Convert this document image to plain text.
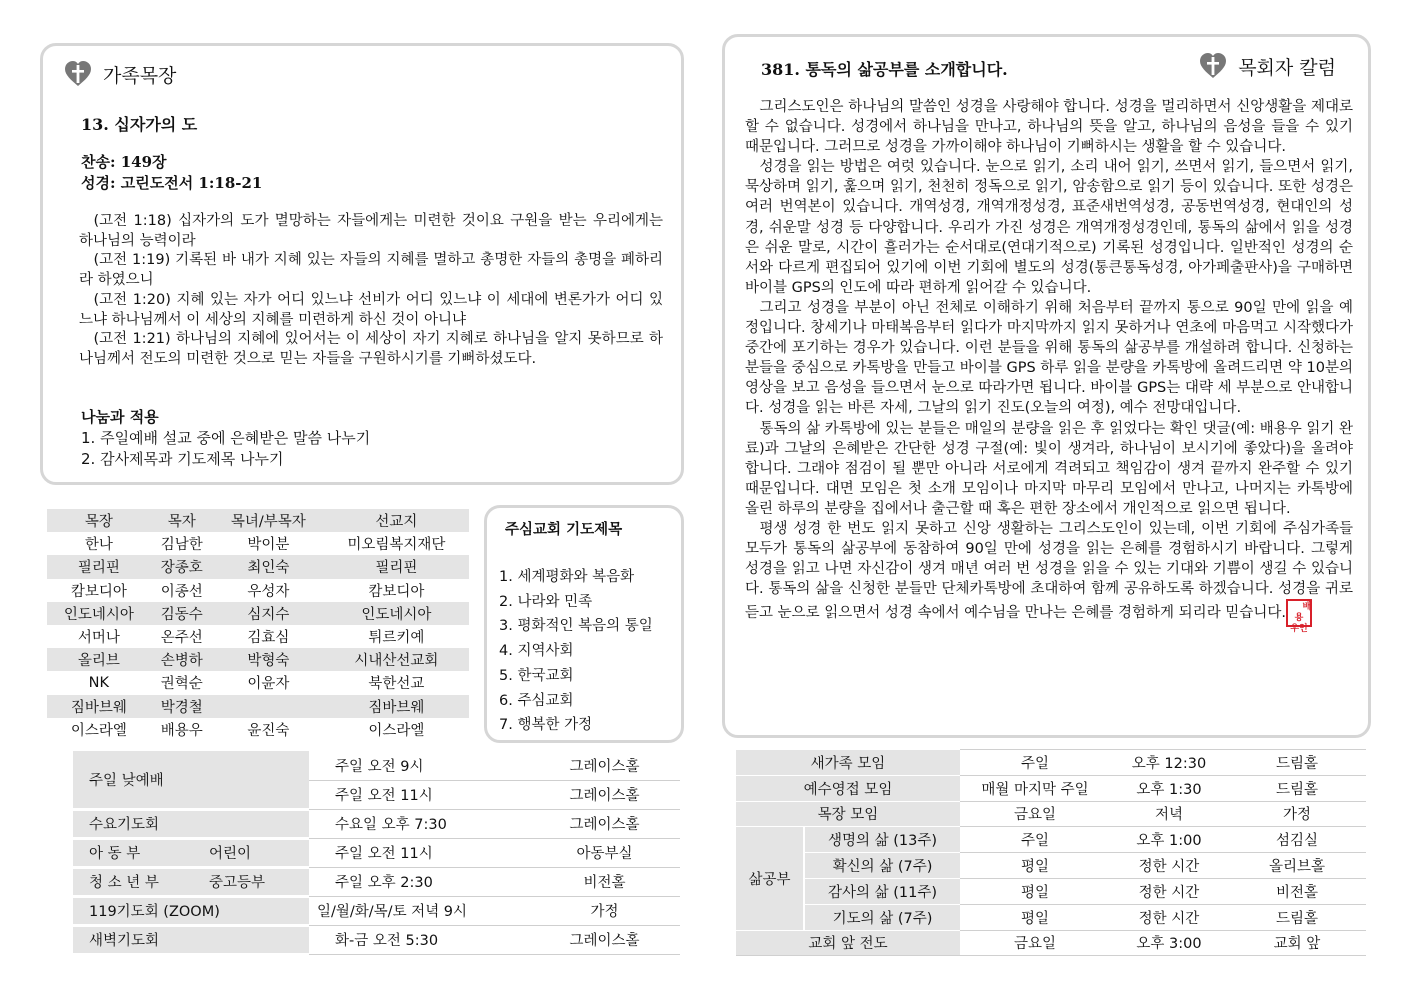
가족목장
13. 십자가의 도
찬송: 149장
성경: 고린도전서 1:18-21

(고전 1:18) 십자가의 도가 멸망하는 자들에게는 미련한 것이요 구원을 받는 우리에게는 하나님의 능력이라

(고전 1:19) 기록된 바 내가 지혜 있는 자들의 지혜를 멸하고 총명한 자들의 총명을 폐하리라 하였으니

(고전 1:20) 지혜 있는 자가 어디 있느냐 선비가 어디 있느냐 이 세대에 변론가가 어디 있느냐 하나님께서 이 세상의 지혜를 미련하게 하신 것이 아니냐

(고전 1:21) 하나님의 지혜에 있어서는 이 세상이 자기 지혜로 하나님을 알지 못하므로 하나님께서 전도의 미련한 것으로 믿는 자들을 구원하시기를 기뻐하셨도다.

나눔과 적용
1. 주일예배 설교 중에 은혜받은 말씀 나누기
2. 감사제목과 기도제목 나누기
목장	목자	목녀/부목자	선교지
한나	김남한	박이분	미오림복지재단
필리핀	장종호	최인숙	필리핀
캄보디아	이종선	우성자	캄보디아
인도네시아	김동수	심지수	인도네시아
서머나	온주선	김효심	튀르키예
올리브	손병하	박형숙	시내산선교회
NK	권혁순	이윤자	북한선교
짐바브웨	박경철		짐바브웨
이스라엘	배용우	윤진숙	이스라엘
주심교회 기도제목
1. 세계평화와 복음화
2. 나라와 민족
3. 평화적인 복음의 통일
4. 지역사회
5. 한국교회
6. 주심교회
7. 행복한 가정
주일 낮예배	주일 오전 9시	그레이스홀
	주일 오전 11시	그레이스홀
수요기도회	수요일 오후 7:30	그레이스홀
아 동 부 어린이	주일 오전 11시	아동부실
청 소 년 부 중고등부	주일 오후 2:30	비전홀
119기도회 (ZOOM)	일/월/화/목/토 저녁 9시	가정
새벽기도회	화-금 오전 5:30	그레이스홀
381. 통독의 삶공부를 소개합니다.	목회자 칼럼

그리스도인은 하나님의 말씀인 성경을 사랑해야 합니다. 성경을 멀리하면서 신앙생활을 제대로 할 수 없습니다. 성경에서 하나님을 만나고, 하나님의 뜻을 알고, 하나님의 음성을 들을 수 있기 때문입니다. 그러므로 성경을 가까이해야 하나님이 기뻐하시는 생활을 할 수 있습니다.

성경을 읽는 방법은 여럿 있습니다. 눈으로 읽기, 소리 내어 읽기, 쓰면서 읽기, 들으면서 읽기, 묵상하며 읽기, 훑으며 읽기, 천천히 정독으로 읽기, 암송함으로 읽기 등이 있습니다. 또한 성경은 여러 번역본이 있습니다. 개역성경, 개역개정성경, 표준새번역성경, 공동번역성경, 현대인의 성경, 쉬운말 성경 등 다양합니다. 우리가 가진 성경은 개역개정성경인데, 통독의 삶에서 읽을 성경은 쉬운 말로, 시간이 흘러가는 순서대로(연대기적으로) 기록된 성경입니다. 일반적인 성경의 순서와 다르게 편집되어 있기에 이번 기회에 별도의 성경(통큰통독성경, 아가페출판사)을 구매하면 바이블 GPS의 인도에 따라 편하게 읽어갈 수 있습니다.

그리고 성경을 부분이 아닌 전체로 이해하기 위해 처음부터 끝까지 통으로 90일 만에 읽을 예정입니다. 창세기나 마태복음부터 읽다가 마지막까지 읽지 못하거나 연초에 마음먹고 시작했다가 중간에 포기하는 경우가 있습니다. 이런 분들을 위해 통독의 삶공부를 개설하려 합니다. 신청하는 분들을 중심으로 카톡방을 만들고 바이블 GPS 하루 읽을 분량을 카톡방에 올려드리면 약 10분의 영상을 보고 음성을 들으면서 눈으로 따라가면 됩니다. 바이블 GPS는 대략 세 부분으로 안내합니다. 성경을 읽는 바른 자세, 그날의 읽기 진도(오늘의 여정), 예수 전망대입니다.

통독의 삶 카톡방에 있는 분들은 매일의 분량을 읽은 후 읽었다는 확인 댓글(예: 배용우 읽기 완료)과 그날의 은혜받은 간단한 성경 구절(예: 빛이 생겨라, 하나님이 보시기에 좋았다)을 올려야 합니다. 그래야 점검이 될 뿐만 아니라 서로에게 격려되고 책임감이 생겨 끝까지 완주할 수 있기 때문입니다. 대면 모임은 첫 소개 모임이나 마지막 마무리 모임에서 만나고, 나머지는 카톡방에 올린 하루의 분량을 집에서나 출근할 때 혹은 편한 장소에서 개인적으로 읽으면 됩니다.

평생 성경 한 번도 읽지 못하고 신앙 생활하는 그리스도인이 있는데, 이번 기회에 주심가족들 모두가 통독의 삶공부에 동참하여 90일 만에 성경을 읽는 은혜를 경험하시기 바랍니다. 그렇게 성경을 읽고 나면 자신감이 생겨 매년 여러 번 성경을 읽을 수 있는 기대와 기쁨이 생길 수 있습니다. 통독의 삶을 신청한 분들만 단체카톡방에 초대하여 함께 공유하도록 하겠습니다. 성경을 귀로 듣고 눈으로 읽으면서 성경 속에서 예수님을 만나는 은혜를 경험하게 되리라 믿습니다. 배용
우인

새가족 모임		주일	오후 12:30	드림홀
예수영접 모임		매월 마지막 주일	오후 1:30	드림홀
목장 모임		금요일	저녁	가정
삶공부	생명의 삶 (13주)	주일	오후 1:00	섬김실
	확신의 삶 (7주)	평일	정한 시간	올리브홀
	감사의 삶 (11주)	평일	정한 시간	비전홀
	기도의 삶 (7주)	평일	정한 시간	드림홀
교회 앞 전도		금요일	오후 3:00	교회 앞
